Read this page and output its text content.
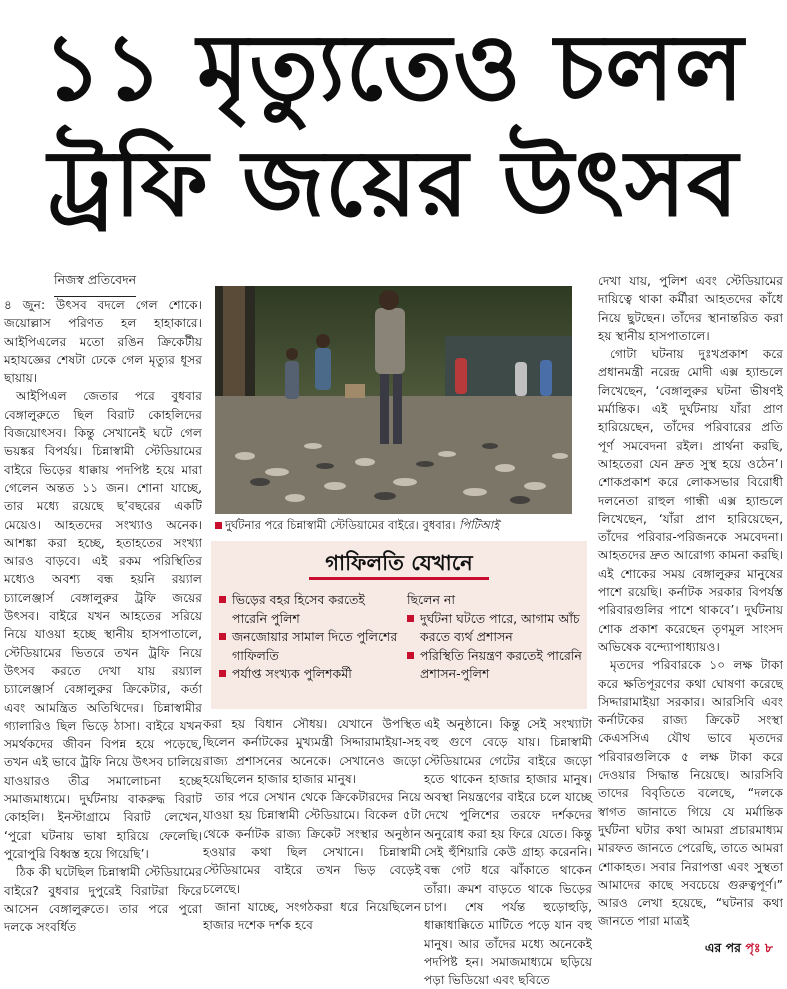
১১ মৃত্যুতেও চলল
ট্রফি জয়ের উৎসব
নিজস্ব প্রতিবেদন

৪ জুন: উৎসব বদলে গেল শোকে। জয়োল্লাস পরিণত হল হাহাকারে। আইপিএলের মতো রঙিন ক্রিকেটীয় মহাযজ্ঞের শেষটা ঢেকে গেল মৃত্যুর ধূসর ছায়ায়।

আইপিএল জেতার পরে বুধবার বেঙ্গালুরুতে ছিল বিরাট কোহলিদের বিজয়োৎসব। কিন্তু সেখানেই ঘটে গেল ভয়ঙ্কর বিপর্যয়। চিন্নাস্বামী স্টেডিয়ামের বাইরে ভিড়ের ধাক্কায় পদপিষ্ট হয়ে মারা গেলেন অন্তত ১১ জন। শোনা যাচ্ছে, তার মধ্যে রয়েছে ছ’বছরের একটি মেয়েও। আহতদের সংখ্যাও অনেক। আশঙ্কা করা হচ্ছে, হতাহতের সংখ্যা আরও বাড়বে। এই রকম পরিস্থিতির মধ্যেও অবশ্য বন্ধ হয়নি রয়্যাল চ্যালেঞ্জার্স বেঙ্গালুরুর ট্রফি জয়ের উৎসব। বাইরে যখন আহতের সরিয়ে নিয়ে যাওয়া হচ্ছে স্থানীয় হাসপাতালে, স্টেডিয়ামের ভিতরে তখন ট্রফি নিয়ে উৎসব করতে দেখা যায় রয়্যাল চ্যালেঞ্জার্স বেঙ্গালুরুর ক্রিকেটার, কর্তা এবং আমন্ত্রিত অতিথিদের। চিন্নাস্বামীর গ্যালারিও ছিল ভিড়ে ঠাসা। বাইরে যখন সমর্থকদের জীবন বিপন্ন হয়ে পড়েছে, তখন এই ভাবে ট্রফি নিয়ে উৎসব চালিয়ে যাওয়ারও তীব্র সমালোচনা হচ্ছে সমাজমাধ্যমে। দুর্ঘটনায় বাকরুদ্ধ বিরাট কোহলি। ইনস্টাগ্রামে বিরাট লেখেন, ‘পুরো ঘটনায় ভাষা হারিয়ে ফেলেছি। পুরোপুরি বিধ্বস্ত হয়ে গিয়েছি’।

ঠিক কী ঘটেছিল চিন্নাস্বামী স্টেডিয়ামের বাইরে? বুধবার দুপুরেই বিরাটরা ফিরে আসেন বেঙ্গালুরুতে। তার পরে পুরো দলকে সংবর্ধিত

দুর্ঘটনার পরে চিন্নাস্বামী স্টেডিয়ামের বাইরে। বুধবার। পিটিআই
গাফিলতি যেখানে
ভিড়ের বহর হিসেব করতেই পারেনি পুলিশ
জনজোয়ার সামাল দিতে পুলিশের গাফিলতি
পর্যাপ্ত সংখ্যক পুলিশকর্মী
ছিলেন না
দুর্ঘটনা ঘটতে পারে, আগাম আঁচ করতে ব্যর্থ প্রশাসন
পরিস্থিতি নিয়ন্ত্রণ করতেই পারেনি প্রশাসন-পুলিশ

করা হয় বিধান সৌধয়। যেখানে উপস্থিত ছিলেন কর্নাটকের মুখ্যমন্ত্রী সিদ্দারামাইয়া-সহ রাজ্য প্রশাসনের অনেকে। সেখানেও জড়ো হয়েছিলেন হাজার হাজার মানুষ।

তার পরে সেখান থেকে ক্রিকেটারদের নিয়ে যাওয়া হয় চিন্নাস্বামী স্টেডিয়ামে। বিকেল ৫টা থেকে কর্নাটক রাজ্য ক্রিকেট সংস্থার অনুষ্ঠান হওয়ার কথা ছিল সেখানে। চিন্নাস্বামী স্টেডিয়ামের বাইরে তখন ভিড় বেড়েই চলেছে।

জানা যাচ্ছে, সংগঠকরা ধরে নিয়েছিলেন হাজার দশেক দর্শক হবে

এই অনুষ্ঠানে। কিন্তু সেই সংখ্যাটা বহু গুণে বেড়ে যায়। চিন্নাস্বামী স্টেডিয়ামের গেটের বাইরে জড়ো হতে থাকেন হাজার হাজার মানুষ। অবস্থা নিয়ন্ত্রণের বাইরে চলে যাচ্ছে দেখে পুলিশের তরফে দর্শকদের অনুরোধ করা হয় ফিরে যেতে। কিন্তু সেই হুঁশিয়ারি কেউ গ্রাহ্য করেননি। বন্ধ গেট ধরে ঝাঁকাতে থাকেন তাঁরা। ক্রমশ বাড়তে থাকে ভিড়ের চাপ। শেষ পর্যন্ত হুড়োহুড়ি, ধাক্কাধাক্কিতে মাটিতে পড়ে যান বহু মানুষ। আর তাঁদের মধ্যে অনেকেই পদপিষ্ট হন। সমাজমাধ্যমে ছড়িয়ে পড়া ভিডিয়ো এবং ছবিতে

দেখা যায়, পুলিশ এবং স্টেডিয়ামের দায়িত্বে থাকা কর্মীরা আহতদের কাঁধে নিয়ে ছুটছেন। তাঁদের স্থানান্তরিত করা হয় স্থানীয় হাসপাতালে।

গোটা ঘটনায় দুঃখপ্রকাশ করে প্রধানমন্ত্রী নরেন্দ্র মোদী এক্স হ্যান্ডলে লিখেছেন, ‘বেঙ্গালুরুর ঘটনা ভীষণই মর্মান্তিক। এই দুর্ঘটনায় যাঁরা প্রাণ হারিয়েছেন, তাঁদের পরিবারের প্রতি পূর্ণ সমবেদনা রইল। প্রার্থনা করছি, আহতেরা যেন দ্রুত সুস্থ হয়ে ওঠেন’। শোকপ্রকাশ করে লোকসভার বিরোধী দলনেতা রাহুল গান্ধী এক্স হ্যান্ডলে লিখেছেন, ‘যাঁরা প্রাণ হারিয়েছেন, তাঁদের পরিবার-পরিজনকে সমবেদনা। আহতদের দ্রুত আরোগ্য কামনা করছি। এই শোকের সময় বেঙ্গালুরুর মানুষের পাশে রয়েছি। কর্নাটক সরকার বিপর্যস্ত পরিবারগুলির পাশে থাকবে’। দুর্ঘটনায় শোক প্রকাশ করেছেন তৃণমূল সাংসদ অভিষেক বন্দ্যোপাধ্যায়ও।

মৃতদের পরিবারকে ১০ লক্ষ টাকা করে ক্ষতিপূরণের কথা ঘোষণা করেছে সিদ্দারামাইয়া সরকার। আরসিবি এবং কর্নাটকের রাজ্য ক্রিকেট সংস্থা কেএসসিএ যৌথ ভাবে মৃতদের পরিবারগুলিকে ৫ লক্ষ টাকা করে দেওয়ার সিদ্ধান্ত নিয়েছে। আরসিবি তাদের বিবৃতিতে বলেছে, “দলকে স্বাগত জানাতে গিয়ে যে মর্মান্তিক দুর্ঘটনা ঘটার কথা আমরা প্রচারমাধ্যম মারফত জানতে পেরেছি, তাতে আমরা শোকাহত। সবার নিরাপত্তা এবং সুস্থতা আমাদের কাছে সবচেয়ে গুরুত্বপূর্ণ।” আরও লেখা হয়েছে, “ঘটনার কথা জানতে পারা মাত্রই

এর পর পৃঃ ৮
